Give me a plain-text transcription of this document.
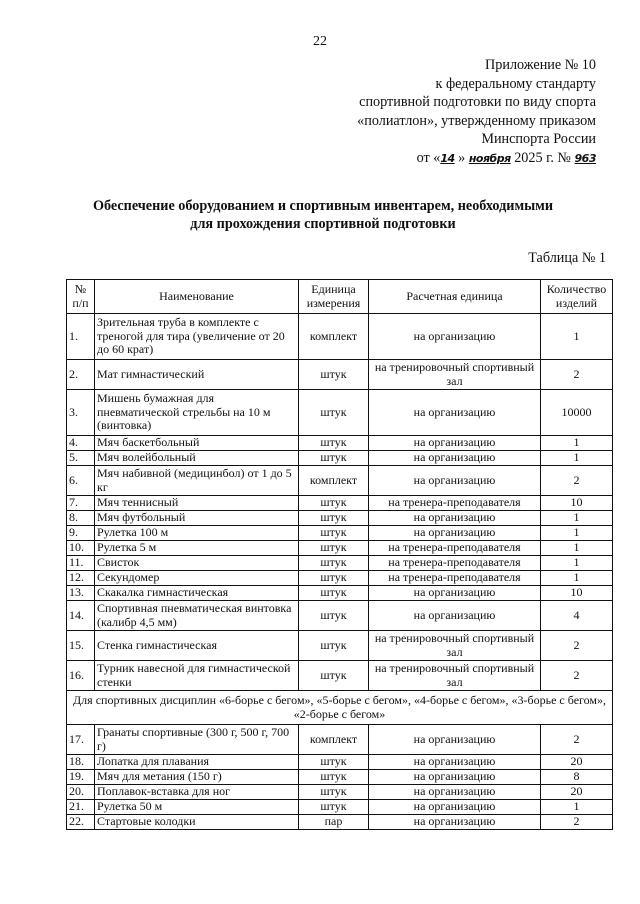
22
Приложение № 10
к федеральному стандарту
спортивной подготовки по виду спорта
«полиатлон», утвержденному приказом
Минспорта России
от «14 » ноября 2025 г. № 963
Обеспечение оборудованием и спортивным инвентарем, необходимыми
для прохождения спортивной подготовки
Таблица № 1
№ п/п	Наименование	Единица измерения	Расчетная единица	Количество изделий
1.	Зрительная труба в комплекте с треногой для тира (увеличение от 20 до 60 крат)	комплект	на организацию	1
2.	Мат гимнастический	штук	на тренировочный спортивный зал	2
3.	Мишень бумажная для пневматической стрельбы на 10 м (винтовка)	штук	на организацию	10000
4.	Мяч баскетбольный	штук	на организацию	1
5.	Мяч волейбольный	штук	на организацию	1
6.	Мяч набивной (медицинбол) от 1 до 5 кг	комплект	на организацию	2
7.	Мяч теннисный	штук	на тренера-преподавателя	10
8.	Мяч футбольный	штук	на организацию	1
9.	Рулетка 100 м	штук	на организацию	1
10.	Рулетка 5 м	штук	на тренера-преподавателя	1
11.	Свисток	штук	на тренера-преподавателя	1
12.	Секундомер	штук	на тренера-преподавателя	1
13.	Скакалка гимнастическая	штук	на организацию	10
14.	Спортивная пневматическая винтовка (калибр 4,5 мм)	штук	на организацию	4
15.	Стенка гимнастическая	штук	на тренировочный спортивный зал	2
16.	Турник навесной для гимнастической стенки	штук	на тренировочный спортивный зал	2
Для спортивных дисциплин «6-борье с бегом», «5-борье с бегом», «4-борье с бегом», «3-борье с бегом», «2-борье с бегом»				
17.	Гранаты спортивные (300 г, 500 г, 700 г)	комплект	на организацию	2
18.	Лопатка для плавания	штук	на организацию	20
19.	Мяч для метания (150 г)	штук	на организацию	8
20.	Поплавок-вставка для ног	штук	на организацию	20
21.	Рулетка 50 м	штук	на организацию	1
22.	Стартовые колодки	пар	на организацию	2
